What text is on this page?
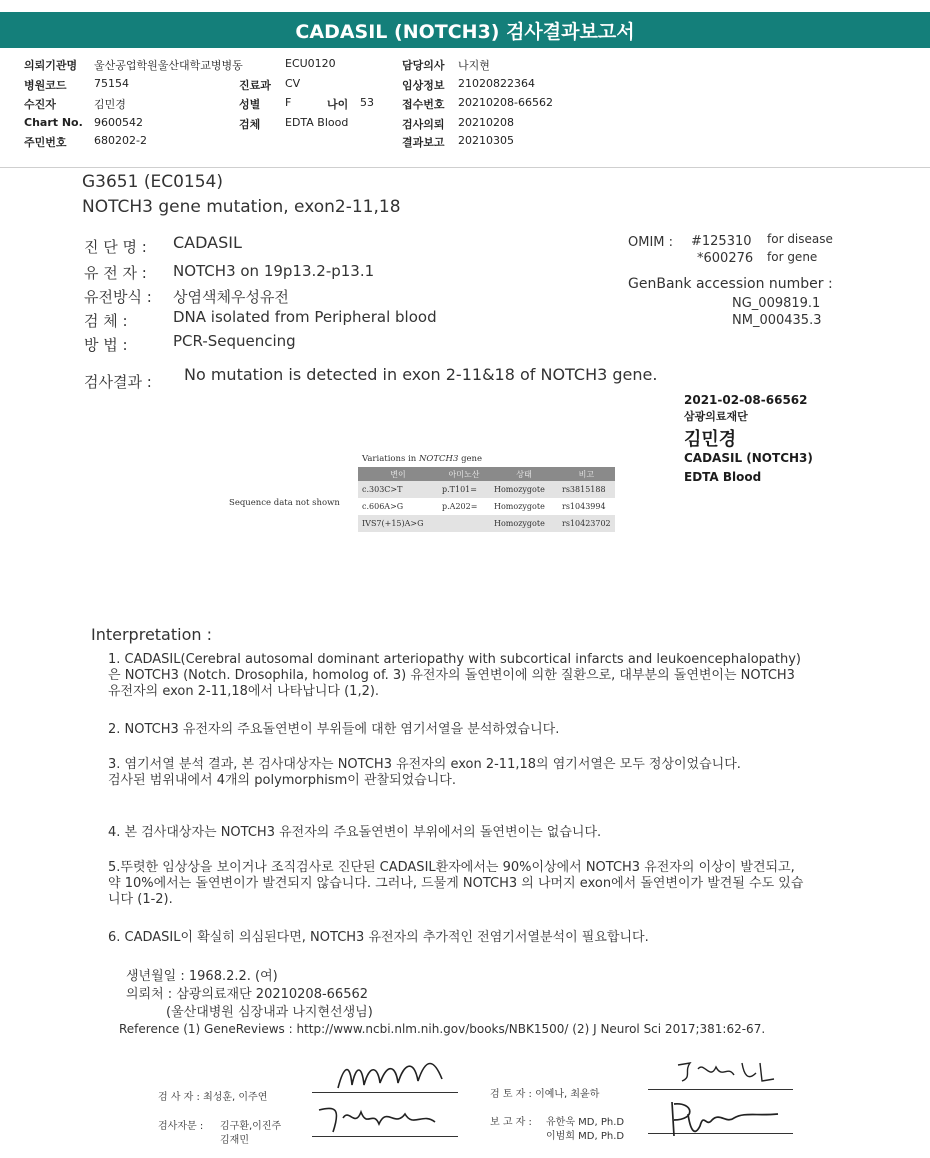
CADASIL (NOTCH3) 검사결과보고서
의뢰기관명 울산공업학원울산대학교병병동
병원코드 75154
수진자	김민경
Chart No. 9600542
주민번호 680202-2
ECU0120
진료과 CV
성별 F	나이 53
검체 EDTA Blood
담당의사 나지현
임상정보 21020822364
접수번호 20210208-66562
검사의뢰 20210208
결과보고 20210305
G3651 (EC0154)
NOTCH3 gene mutation, exon2-11,18
진 단 명 : CADASIL
유 전 자 : NOTCH3 on 19p13.2-p13.1
유전방식 : 상염색체우성유전
검 체 :	DNA isolated from Peripheral blood
방 법 :	PCR-Sequencing
OMIM : #125310 for disease
*600276 for gene
GenBank accession number :
NG_009819.1
NM_000435.3
검사결과 : No mutation is detected in exon 2-11&18 of NOTCH3 gene.
2021-02-08-66562
삼광의료재단
김민경
CADASIL (NOTCH3)
EDTA Blood
Variations in NOTCH3 gene
Sequence data not shown
변이	아미노산	상태	비고
c.303C>T	p.T101=	Homozygote	rs3815188
c.606A>G	p.A202=	Homozygote	rs1043994
IVS7(+15)A>G		Homozygote	rs10423702
Interpretation :
1. CADASIL(Cerebral autosomal dominant arteriopathy with subcortical infarcts and leukoencephalopathy)은 NOTCH3 (Notch. Drosophila, homolog of. 3) 유전자의 돌연변이에 의한 질환으로, 대부분의 돌연변이는 NOTCH3 유전자의 exon 2-11,18에서 나타납니다 (1,2).
2. NOTCH3 유전자의 주요돌연변이 부위들에 대한 염기서열을 분석하였습니다.
3. 염기서열 분석 결과, 본 검사대상자는 NOTCH3 유전자의 exon 2-11,18의 염기서열은 모두 정상이었습니다.
검사된 범위내에서 4개의 polymorphism이 관찰되었습니다.
4. 본 검사대상자는 NOTCH3 유전자의 주요돌연변이 부위에서의 돌연변이는 없습니다.
5.뚜렷한 임상상을 보이거나 조직검사로 진단된 CADASIL환자에서는 90%이상에서 NOTCH3 유전자의 이상이 발견되고, 약 10%에서는 돌연변이가 발견되지 않습니다. 그러나, 드물게 NOTCH3 의 나머지 exon에서 돌연변이가 발견될 수도 있습니다 (1-2).
6. CADASIL이 확실히 의심된다면, NOTCH3 유전자의 추가적인 전염기서열분석이 필요합니다.
생년월일 : 1968.2.2. (여)
의뢰처 : 삼광의료재단 20210208-66562
(울산대병원 심장내과 나지현선생님)
Reference (1) GeneReviews : http://www.ncbi.nlm.nih.gov/books/NBK1500/ (2) J Neurol Sci 2017;381:62-67.
검 사 자 : 최성훈, 이주연
검사자문 : 김구환,이진주
김재민
검 토 자 : 이예나, 최윤하
보 고 자 : 유한욱 MD, Ph.D
이범희 MD, Ph.D
